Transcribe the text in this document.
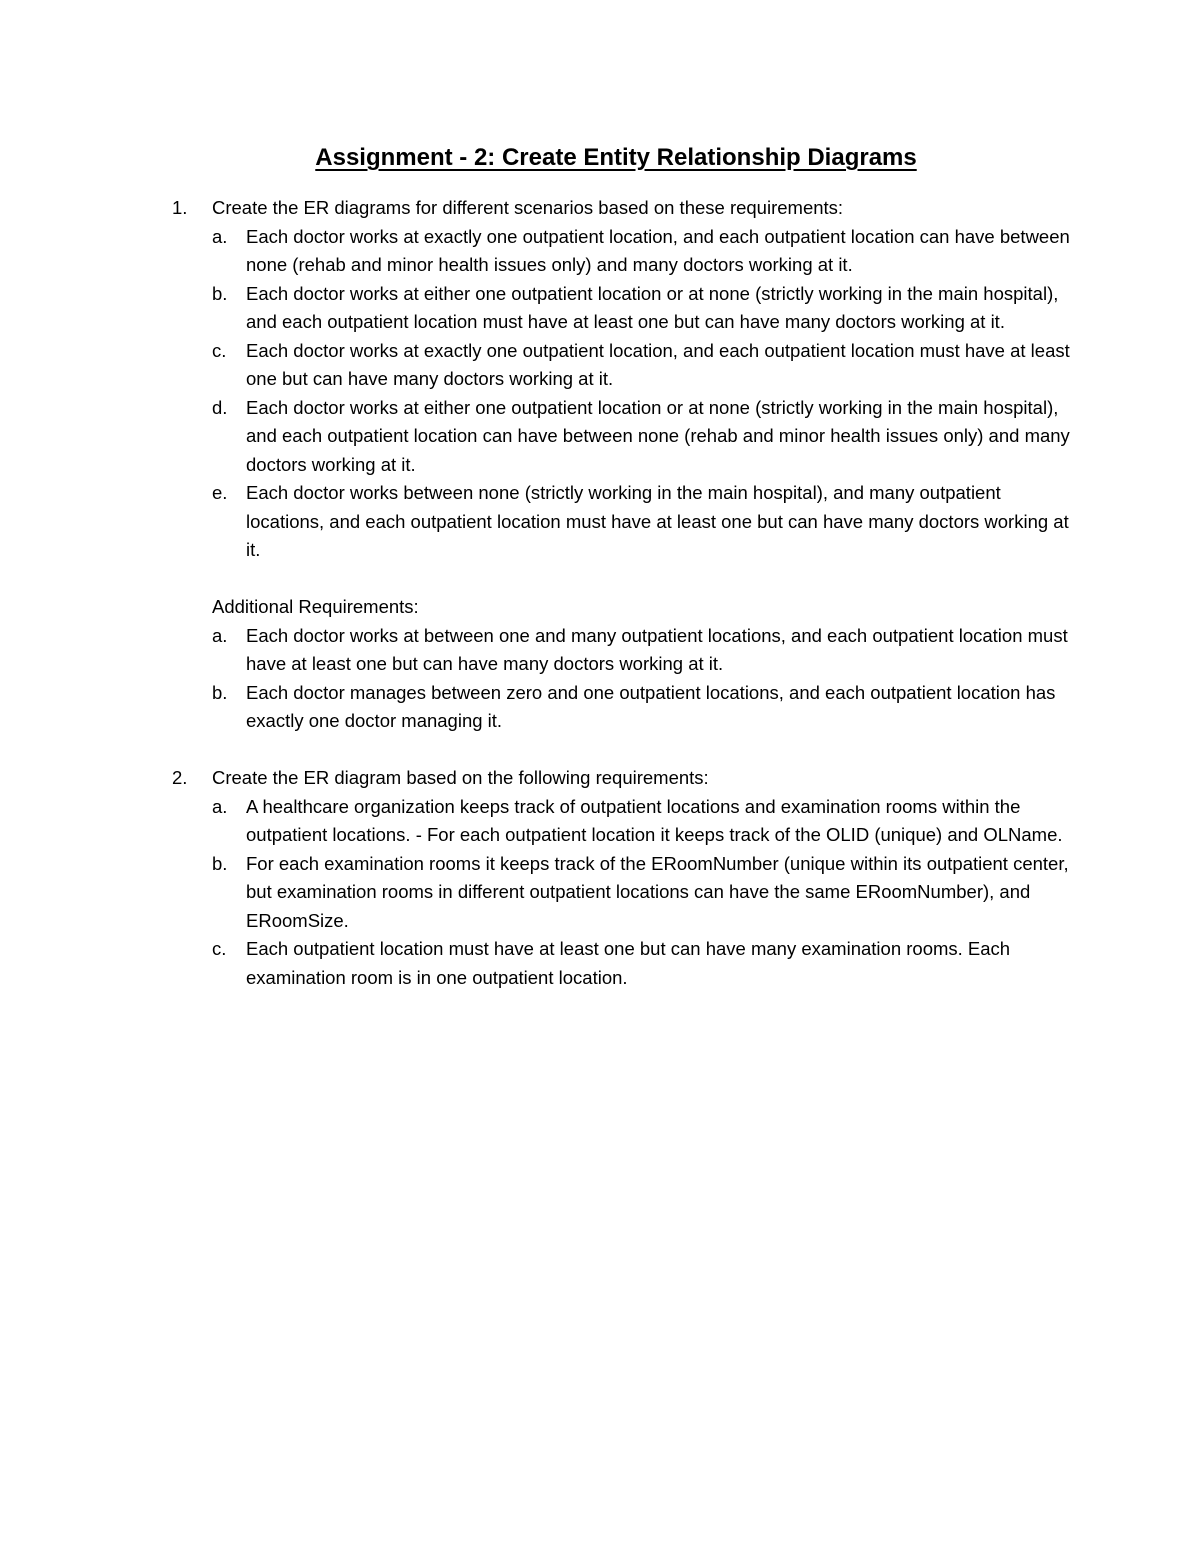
Assignment - 2: Create Entity Relationship Diagrams
1.	Create the ER diagrams for different scenarios based on these requirements:
a.	Each doctor works at exactly one outpatient location, and each outpatient location can have between none (rehab and minor health issues only) and many doctors working at it.
b.	Each doctor works at either one outpatient location or at none (strictly working in the main hospital), and each outpatient location must have at least one but can have many doctors working at it.
c.	Each doctor works at exactly one outpatient location, and each outpatient location must have at least one but can have many doctors working at it.
d.	Each doctor works at either one outpatient location or at none (strictly working in the main hospital), and each outpatient location can have between none (rehab and minor health issues only) and many doctors working at it.
e.	Each doctor works between none (strictly working in the main hospital), and many outpatient locations, and each outpatient location must have at least one but can have many doctors working at it.
Additional Requirements:
a.	Each doctor works at between one and many outpatient locations, and each outpatient location must have at least one but can have many doctors working at it.
b.	Each doctor manages between zero and one outpatient locations, and each outpatient location has exactly one doctor managing it.
2.	Create the ER diagram based on the following requirements:
a.	A healthcare organization keeps track of outpatient locations and examination rooms within the outpatient locations. - For each outpatient location it keeps track of the OLID (unique) and OLName.
b.	For each examination rooms it keeps track of the ERoomNumber (unique within its outpatient center, but examination rooms in different outpatient locations can have the same ERoomNumber), and ERoomSize.
c.	Each outpatient location must have at least one but can have many examination rooms. Each examination room is in one outpatient location.
